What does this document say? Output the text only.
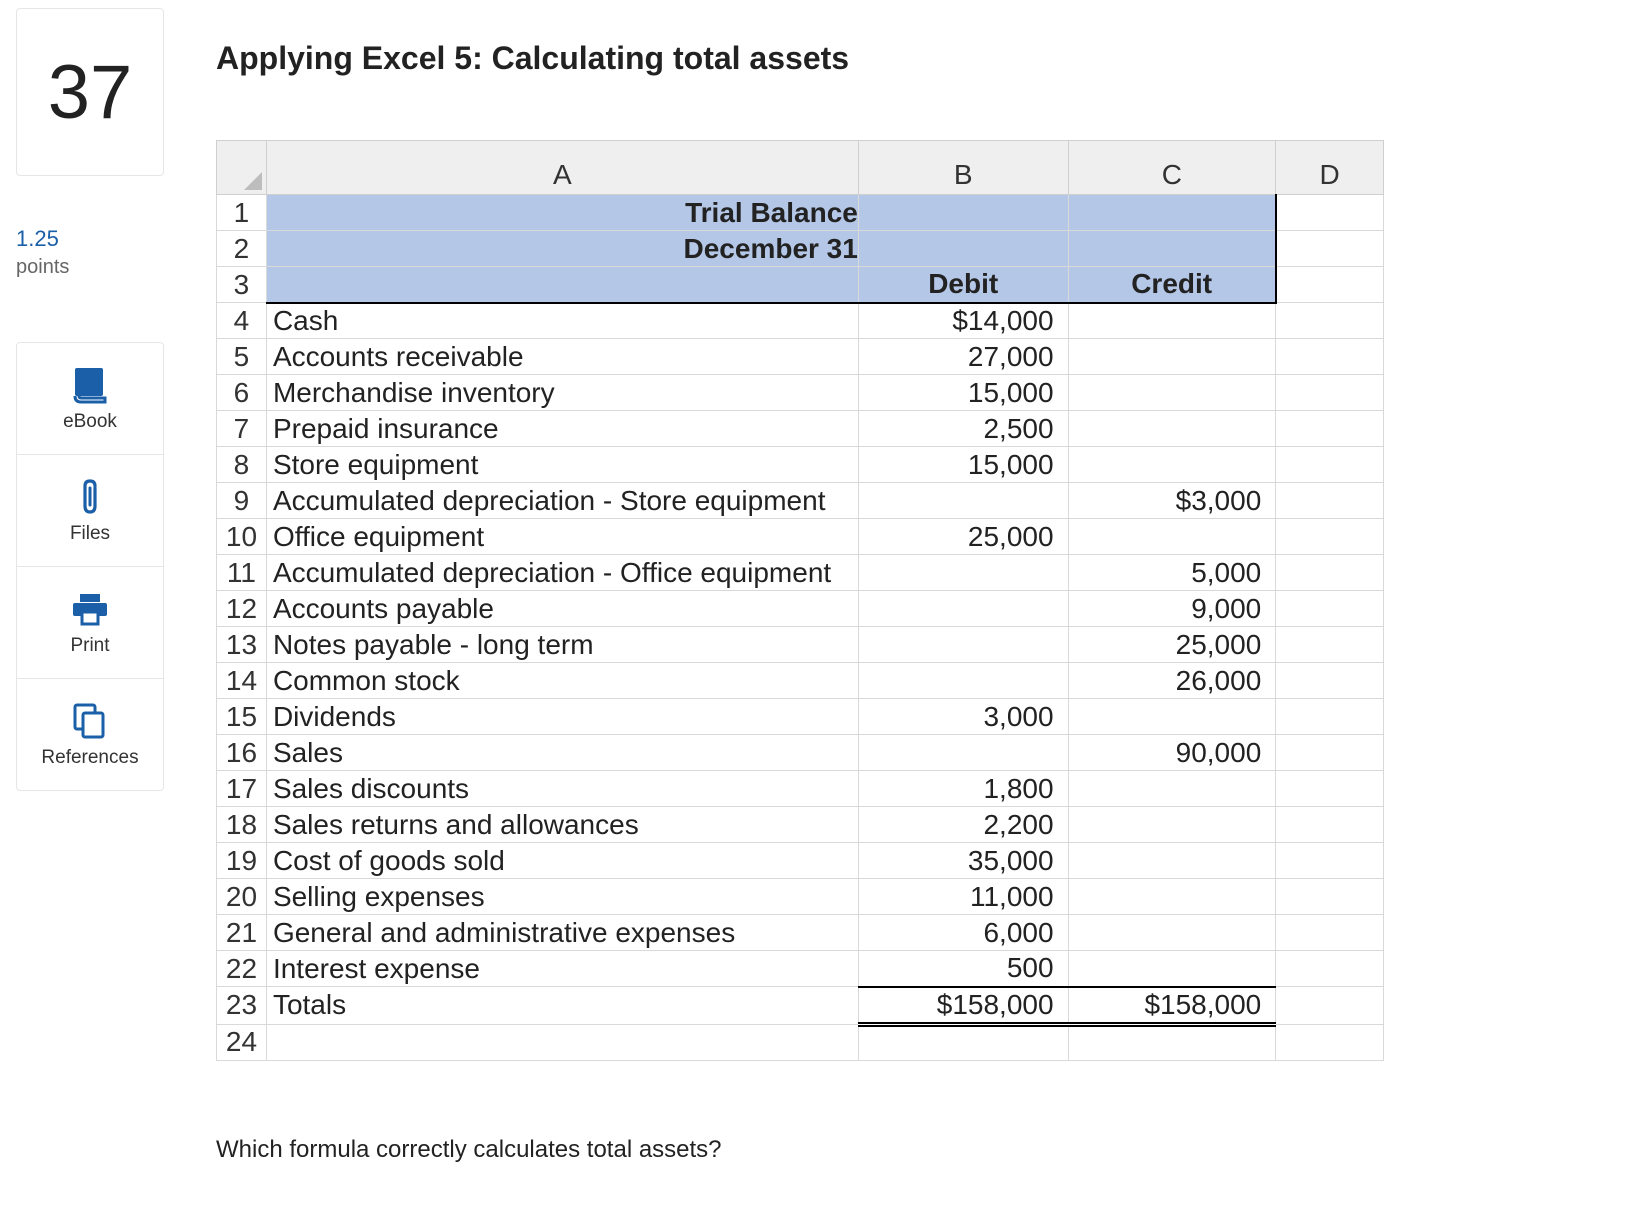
37
1.25
points
eBook
Files
Print
References
Applying Excel 5: Calculating total assets
	A	B	C	D
1	Trial Balance			
2	December 31			
3		Debit	Credit	
4	Cash	$14,000		
5	Accounts receivable	27,000		
6	Merchandise inventory	15,000		
7	Prepaid insurance	2,500		
8	Store equipment	15,000		
9	Accumulated depreciation - Store equipment		$3,000	
10	Office equipment	25,000		
11	Accumulated depreciation - Office equipment		5,000	
12	Accounts payable		9,000	
13	Notes payable - long term		25,000	
14	Common stock		26,000	
15	Dividends	3,000		
16	Sales		90,000	
17	Sales discounts	1,800		
18	Sales returns and allowances	2,200		
19	Cost of goods sold	35,000		
20	Selling expenses	11,000		
21	General and administrative expenses	6,000		
22	Interest expense	500		
23	Totals	$158,000	$158,000	
24				
Which formula correctly calculates total assets?
